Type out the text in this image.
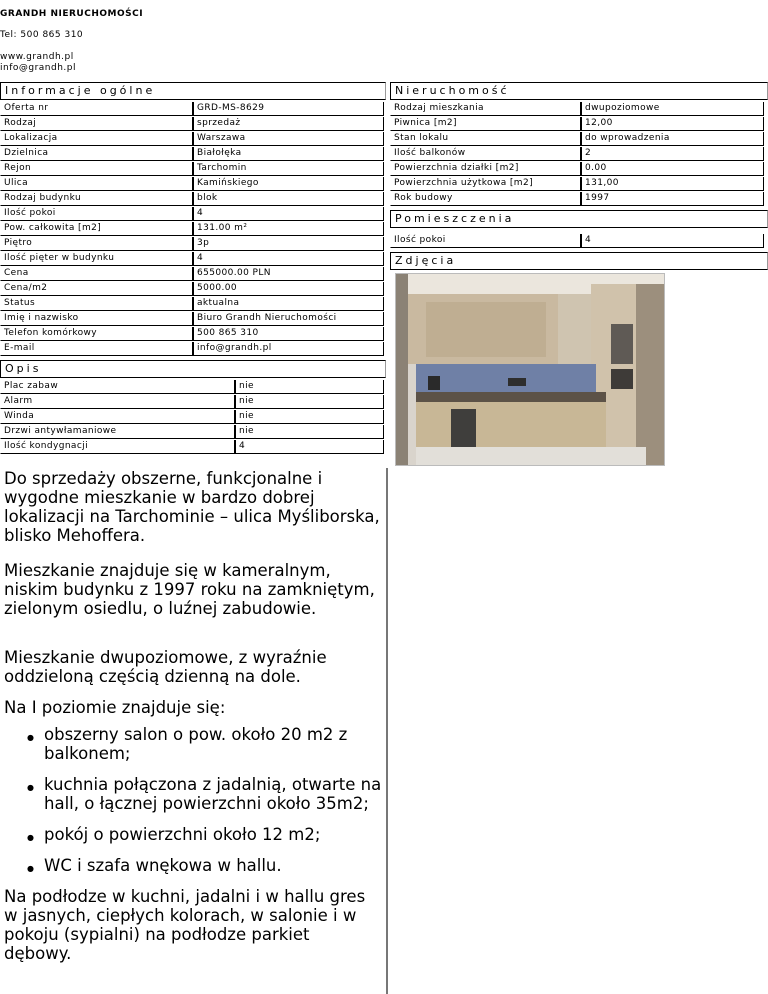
GRANDH NIERUCHOMOŚCI
Tel: 500 865 310
www.grandh.pl
info@grandh.pl
Informacje ogólne
Oferta nr	GRD-MS-8629
Rodzaj	sprzedaż
Lokalizacja	Warszawa
Dzielnica	Białołęka
Rejon	Tarchomin
Ulica	Kamińskiego
Rodzaj budynku	blok
Ilość pokoi	4
Pow. całkowita [m2]	131.00 m²
Piętro	3p
Ilość pięter w budynku	4
Cena	655000.00 PLN
Cena/m2	5000.00
Status	aktualna
Imię i nazwisko	Biuro Grandh Nieruchomości
Telefon komórkowy	500 865 310
E-mail	info@grandh.pl
Opis
Plac zabaw	nie
Alarm	nie
Winda	nie
Drzwi antywłamaniowe	nie
Ilość kondygnacji	4
Nieruchomość
Rodzaj mieszkania	dwupoziomowe
Piwnica [m2]	12,00
Stan lokalu	do wprowadzenia
Ilość balkonów	2
Powierzchnia działki [m2]	0.00
Powierzchnia użytkowa [m2]	131,00
Rok budowy	1997
Pomieszczenia
Ilość pokoi	4
Zdjęcia

Do sprzedaży obszerne, funkcjonalne i wygodne mieszkanie w bardzo dobrej lokalizacji na Tarchominie – ulica Myśliborska, blisko Mehoffera.

Mieszkanie znajduje się w kameralnym, niskim budynku z 1997 roku na zamkniętym, zielonym osiedlu, o luźnej zabudowie.

Mieszkanie dwupoziomowe, z wyraźnie oddzieloną częścią dzienną na dole.

Na I poziomie znajduje się:

● obszerny salon o pow. około 20 m2 z balkonem;
● kuchnia połączona z jadalnią, otwarte na hall, o łącznej powierzchni około 35m2;
● pokój o powierzchni około 12 m2;
● WC i szafa wnękowa w hallu.

Na podłodze w kuchni, jadalni i w hallu gres w jasnych, ciepłych kolorach, w salonie i w pokoju (sypialni) na podłodze parkiet dębowy.
